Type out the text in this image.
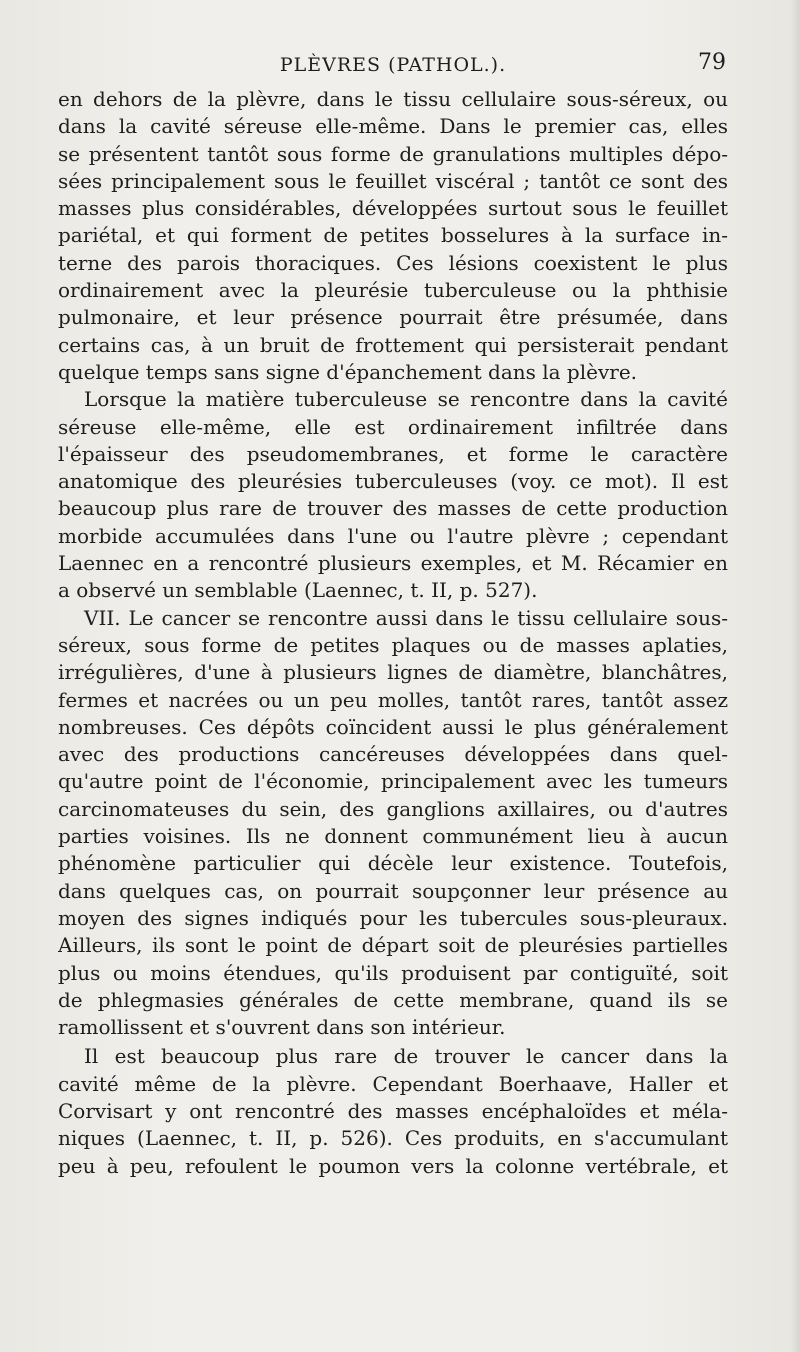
PLÈVRES (PATHOL.).	79
en dehors de la plèvre, dans le tissu cellulaire sous-séreux, ou
dans la cavité séreuse elle-même. Dans le premier cas, elles
se présentent tantôt sous forme de granulations multiples dépo-
sées principalement sous le feuillet viscéral ; tantôt ce sont des
masses plus considérables, développées surtout sous le feuillet
pariétal, et qui forment de petites bosselures à la surface in-
terne des parois thoraciques. Ces lésions coexistent le plus
ordinairement avec la pleurésie tuberculeuse ou la phthisie
pulmonaire, et leur présence pourrait être présumée, dans
certains cas, à un bruit de frottement qui persisterait pendant
quelque temps sans signe d'épanchement dans la plèvre.
Lorsque la matière tuberculeuse se rencontre dans la cavité
séreuse elle-même, elle est ordinairement infiltrée dans
l'épaisseur des pseudomembranes, et forme le caractère
anatomique des pleurésies tuberculeuses (voy. ce mot). Il est
beaucoup plus rare de trouver des masses de cette production
morbide accumulées dans l'une ou l'autre plèvre ; cependant
Laennec en a rencontré plusieurs exemples, et M. Récamier en
a observé un semblable (Laennec, t. II, p. 527).
VII. Le cancer se rencontre aussi dans le tissu cellulaire sous-
séreux, sous forme de petites plaques ou de masses aplaties,
irrégulières, d'une à plusieurs lignes de diamètre, blanchâtres,
fermes et nacrées ou un peu molles, tantôt rares, tantôt assez
nombreuses. Ces dépôts coïncident aussi le plus généralement
avec des productions cancéreuses développées dans quel-
qu'autre point de l'économie, principalement avec les tumeurs
carcinomateuses du sein, des ganglions axillaires, ou d'autres
parties voisines. Ils ne donnent communément lieu à aucun
phénomène particulier qui décèle leur existence. Toutefois,
dans quelques cas, on pourrait soupçonner leur présence au
moyen des signes indiqués pour les tubercules sous-pleuraux.
Ailleurs, ils sont le point de départ soit de pleurésies partielles
plus ou moins étendues, qu'ils produisent par contiguïté, soit
de phlegmasies générales de cette membrane, quand ils se
ramollissent et s'ouvrent dans son intérieur.
Il est beaucoup plus rare de trouver le cancer dans la
cavité même de la plèvre. Cependant Boerhaave, Haller et
Corvisart y ont rencontré des masses encéphaloïdes et méla-
niques (Laennec, t. II, p. 526). Ces produits, en s'accumulant
peu à peu, refoulent le poumon vers la colonne vertébrale, et
